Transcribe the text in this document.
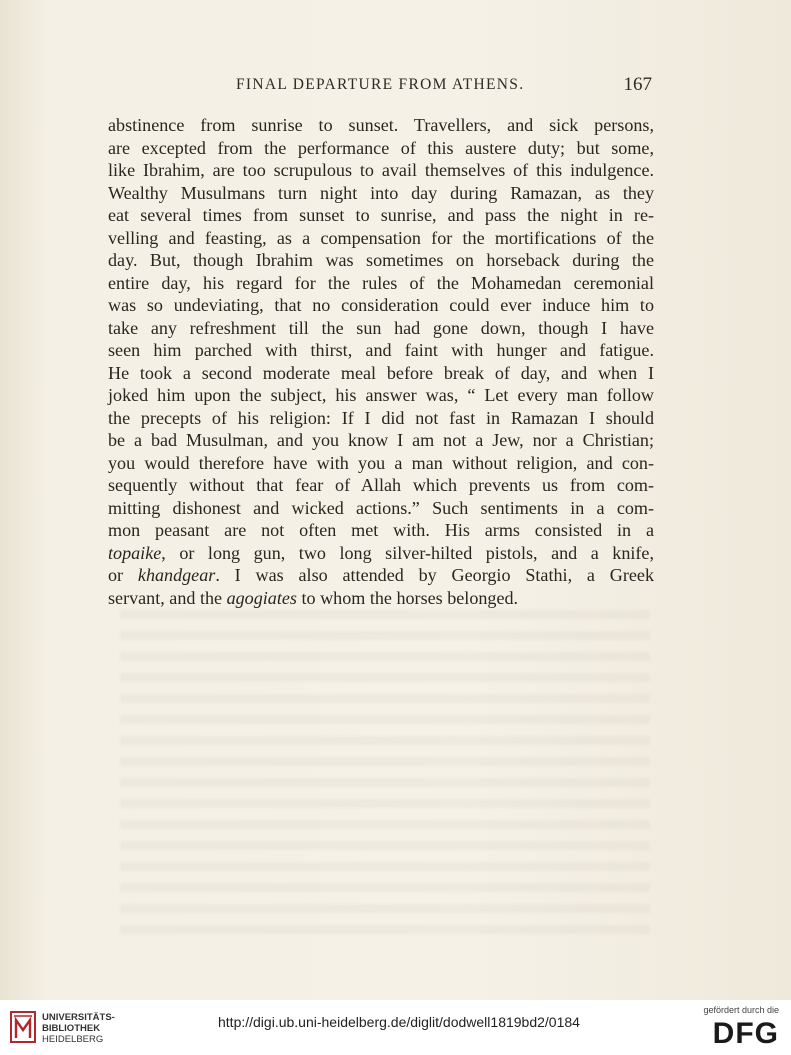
FINAL DEPARTURE FROM ATHENS.	167
abstinence from sunrise to sunset. Travellers, and sick persons,
are excepted from the performance of this austere duty; but some,
like Ibrahim, are too scrupulous to avail themselves of this indulgence.
Wealthy Musulmans turn night into day during Ramazan, as they
eat several times from sunset to sunrise, and pass the night in re-
velling and feasting, as a compensation for the mortifications of the
day. But, though Ibrahim was sometimes on horseback during the
entire day, his regard for the rules of the Mohamedan ceremonial
was so undeviating, that no consideration could ever induce him to
take any refreshment till the sun had gone down, though I have
seen him parched with thirst, and faint with hunger and fatigue.
He took a second moderate meal before break of day, and when I
joked him upon the subject, his answer was, “ Let every man follow
the precepts of his religion: If I did not fast in Ramazan I should
be a bad Musulman, and you know I am not a Jew, nor a Christian;
you would therefore have with you a man without religion, and con-
sequently without that fear of Allah which prevents us from com-
mitting dishonest and wicked actions.” Such sentiments in a com-
mon peasant are not often met with. His arms consisted in a
topaike, or long gun, two long silver-hilted pistols, and a knife,
or khandgear. I was also attended by Georgio Stathi, a Greek
servant, and the agogiates to whom the horses belonged.
UNIVERSITÄTS-
BIBLIOTHEK
HEIDELBERG
http://digi.ub.uni-heidelberg.de/diglit/dodwell1819bd2/0184
gefördert durch die
DFG
